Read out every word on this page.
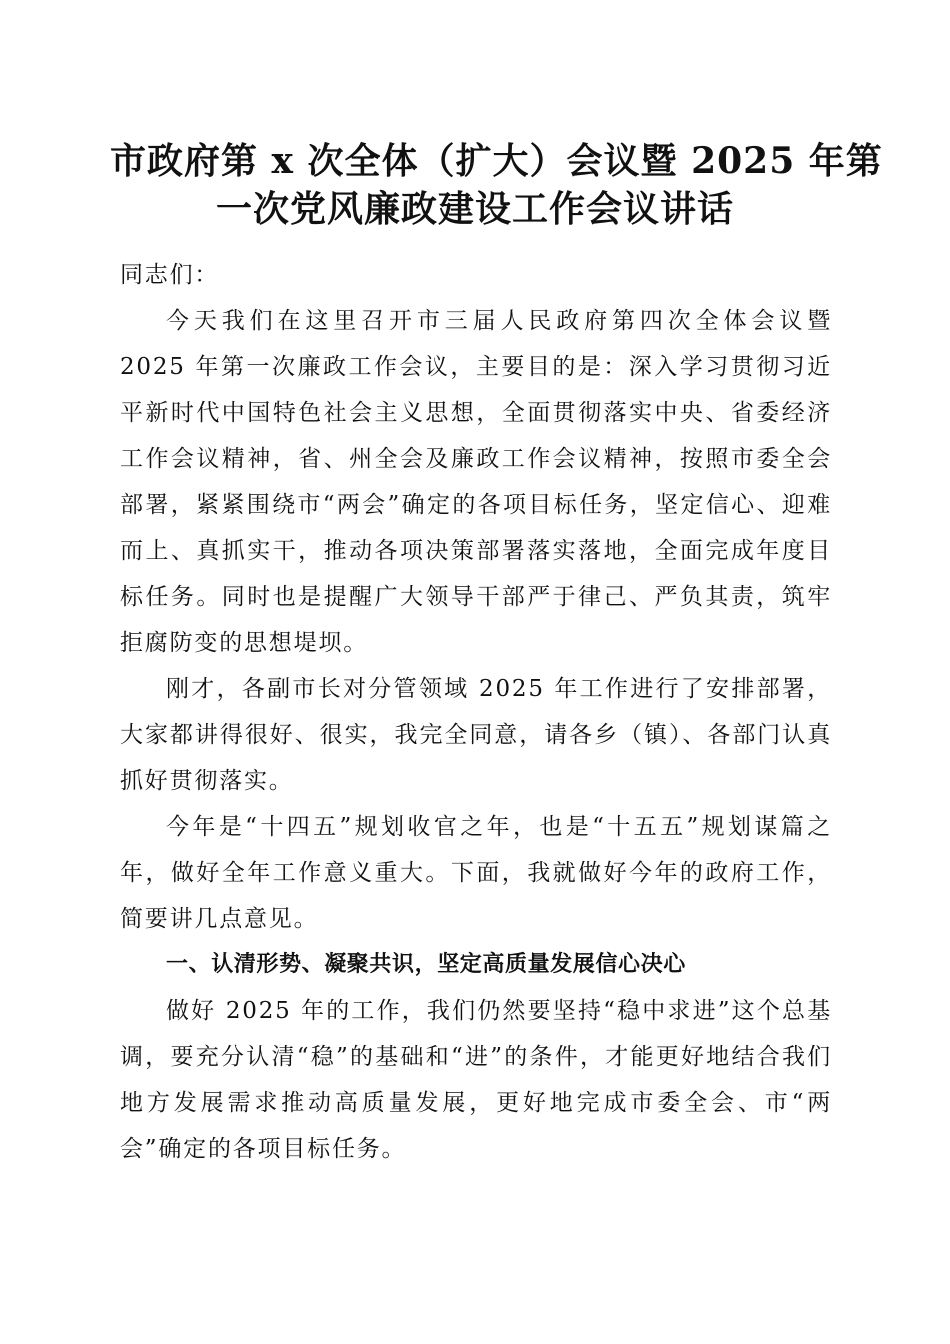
市政府第 x 次全体（扩大）会议暨 2025 年第
一次党风廉政建设工作会议讲话

同志们：

今天我们在这里召开市三届人民政府第四次全体会议暨 2025 年第一次廉政工作会议，主要目的是：深入学习贯彻习近平新时代中国特色社会主义思想，全面贯彻落实中央、省委经济工作会议精神，省、州全会及廉政工作会议精神，按照市委全会部署，紧紧围绕市“两会”确定的各项目标任务，坚定信心、迎难而上、真抓实干，推动各项决策部署落实落地，全面完成年度目标任务。同时也是提醒广大领导干部严于律己、严负其责，筑牢拒腐防变的思想堤坝。

刚才，各副市长对分管领域 2025 年工作进行了安排部署，大家都讲得很好、很实，我完全同意，请各乡（镇）、各部门认真抓好贯彻落实。

今年是“十四五”规划收官之年，也是“十五五”规划谋篇之年，做好全年工作意义重大。下面，我就做好今年的政府工作，简要讲几点意见。

一、认清形势、凝聚共识，坚定高质量发展信心决心

做好 2025 年的工作，我们仍然要坚持“稳中求进”这个总基调，要充分认清“稳”的基础和“进”的条件，才能更好地结合我们地方发展需求推动高质量发展，更好地完成市委全会、市“两会”确定的各项目标任务。
